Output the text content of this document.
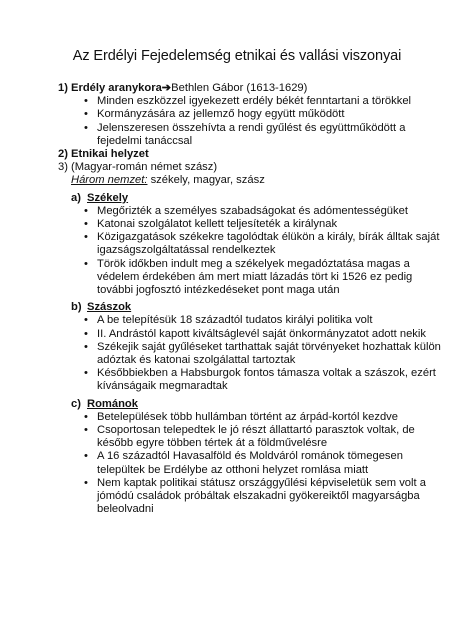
Az Erdélyi Fejedelemség etnikai és vallási viszonyai
1) Erdély aranykora➔Bethlen Gábor (1613-1629)
• Minden eszközzel igyekezett erdély békét fenntartani a törökkel
• Kormányzására az jellemző hogy együtt működött
• Jelenszeresen összehívta a rendi gyűlést és együttműködött a fejedelmi tanáccsal
2) Etnikai helyzet
3) (Magyar-román német szász)
Három nemzet: székely, magyar, szász
a) Székely
• Megőrizték a személyes szabadságokat és adómentességüket
• Katonai szolgálatot kellett teljesíteték a királynak
• Közigazgatások székekre tagolódtak élükön a király, bírák álltak saját igazságszolgáltatással rendelkeztek
• Török időkben indult meg a székelyek megadóztatása magas a védelem érdekében ám mert miatt lázadás tört ki 1526 ez pedig további jogfosztó intézkedéseket pont maga után
b) Szászok
• A be telepítésük 18 századtól tudatos királyi politika volt
• II. Andrástól kapott kiváltságlevél saját önkormányzatot adott nekik
• Székejik saját gyűléseket tarthattak saját törvényeket hozhattak külön adóztak és katonai szolgálattal tartoztak
• Későbbiekben a Habsburgok fontos támasza voltak a szászok, ezért kívánságaik megmaradtak
c) Románok
• Betelepülések több hullámban történt az árpád-kortól kezdve
• Csoportosan telepedtek le jó részt állattartó parasztok voltak, de később egyre többen tértek át a földművelésre
• A 16 századtól Havasalföld és Moldváról románok tömegesen települtek be Erdélybe az otthoni helyzet romlása miatt
• Nem kaptak politikai státusz országgyűlési képviseletük sem volt a jómódú családok próbáltak elszakadni gyökereiktől magyarságba beleolvadni
